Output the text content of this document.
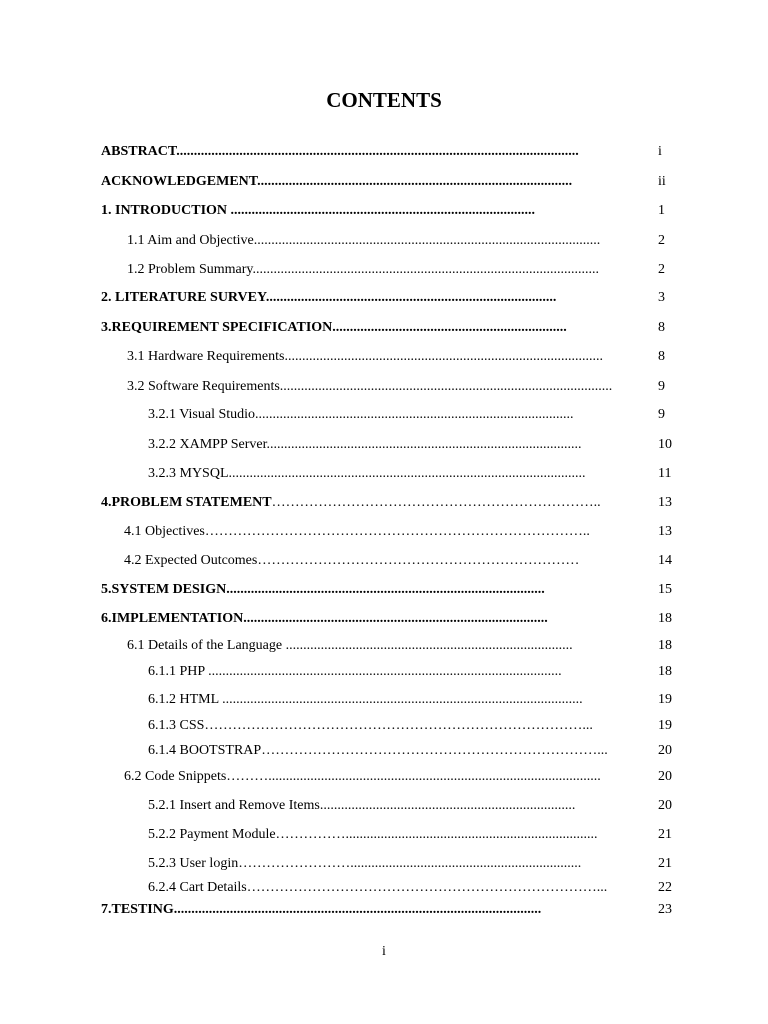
CONTENTS
ABSTRACT...................................................................................................................	i
ACKNOWLEDGEMENT..........................................................................................	ii
1. INTRODUCTION .......................................................................................	1
1.1 Aim and Objective...................................................................................................	2
1.2 Problem Summary...................................................................................................	2
2. LITERATURE SURVEY...................................................................................	3
3.REQUIREMENT SPECIFICATION...................................................................	8
3.1 Hardware Requirements...........................................................................................	8
3.2 Software Requirements...............................................................................................	9
3.2.1 Visual Studio...........................................................................................	9
3.2.2 XAMPP Server..........................................................................................	10
3.2.3 MYSQL......................................................................................................	11
4.PROBLEM STATEMENT……………………………………………………………..	13
4.1 Objectives………………………………………………………………………..	13
4.2 Expected Outcomes……………………………………………………………	14
5.SYSTEM DESIGN...........................................................................................	15
6.IMPLEMENTATION.......................................................................................	18
6.1 Details of the Language ..................................................................................	18
6.1.1 PHP .....................................................................................................	18
6.1.2 HTML .......................................................................................................	19
6.1.3 CSS………………………………………………………………………...	19
6.1.4 BOOTSTRAP………………………………………………………………...	20
6.2 Code Snippets………...............................................................................................	20
5.2.1 Insert and Remove Items.........................................................................	20
5.2.2 Payment Module……………........................................................................	21
5.2.3 User login……………………..................................................................	21
6.2.4 Cart Details…………………………………………………………………...	22
7.TESTING.........................................................................................................	23
i
